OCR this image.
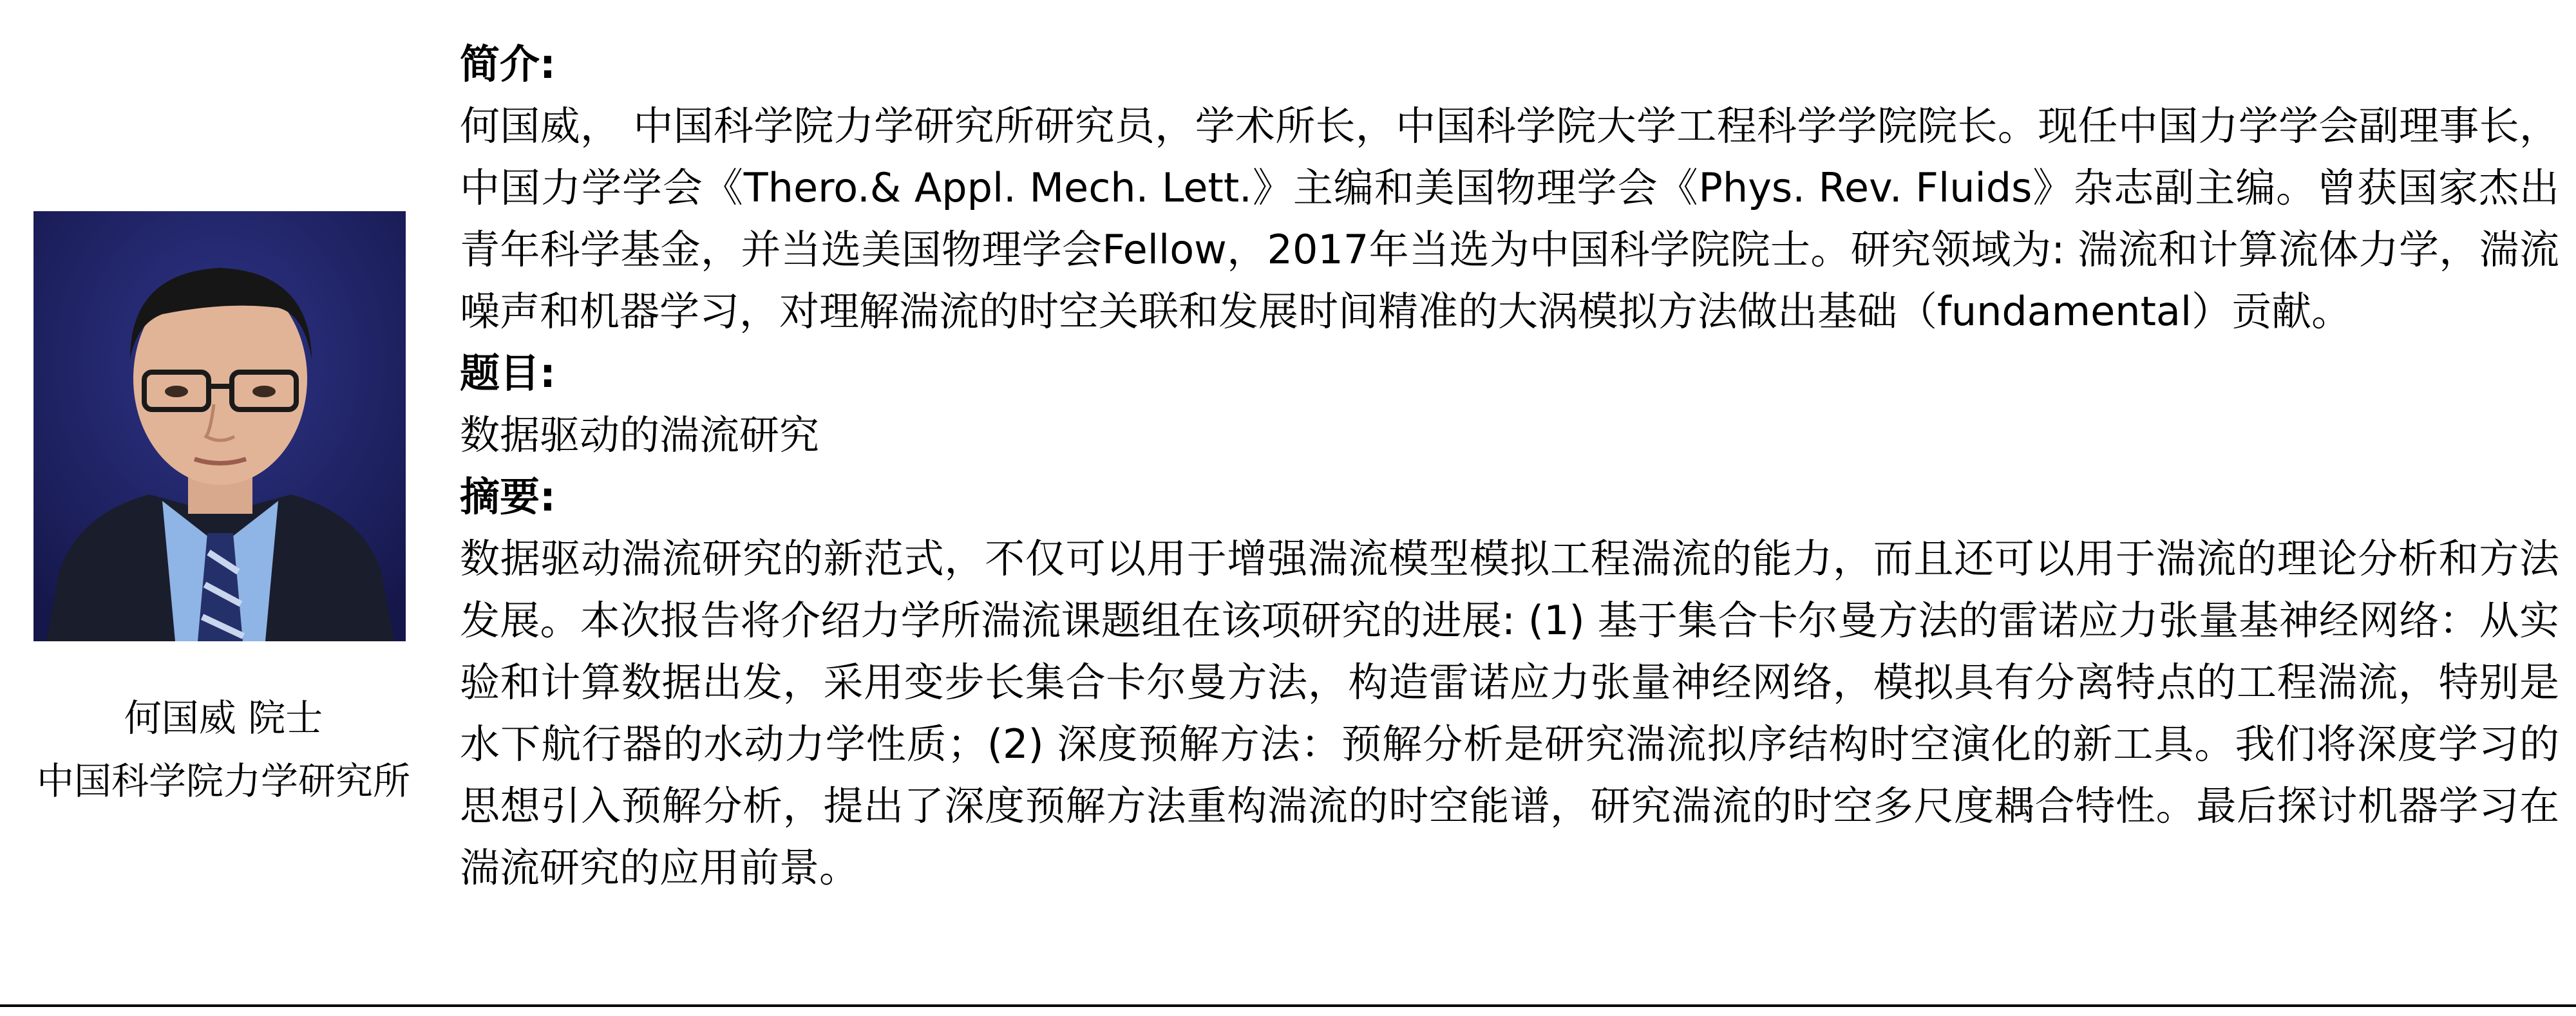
何国威 院士
中国科学院力学研究所
简介:
何国威， 中国科学院力学研究所研究员，学术所长，中国科学院大学工程科学学院院长。现任中国力学学会副理事长，中国力学学会《Thero.& Appl. Mech. Lett.》主编和美国物理学会《Phys. Rev. Fluids》杂志副主编。曾获国家杰出青年科学基金，并当选美国物理学会Fellow，2017年当选为中国科学院院士。研究领域为: 湍流和计算流体力学，湍流噪声和机器学习，对理解湍流的时空关联和发展时间精准的大涡模拟方法做出基础（fundamental）贡献。
题目:
数据驱动的湍流研究
摘要:
数据驱动湍流研究的新范式，不仅可以用于增强湍流模型模拟工程湍流的能力，而且还可以用于湍流的理论分析和方法发展。本次报告将介绍力学所湍流课题组在该项研究的进展: (1) 基于集合卡尔曼方法的雷诺应力张量基神经网络：从实验和计算数据出发，采用变步长集合卡尔曼方法，构造雷诺应力张量神经网络，模拟具有分离特点的工程湍流，特别是水下航行器的水动力学性质；(2) 深度预解方法：预解分析是研究湍流拟序结构时空演化的新工具。我们将深度学习的思想引入预解分析，提出了深度预解方法重构湍流的时空能谱，研究湍流的时空多尺度耦合特性。最后探讨机器学习在湍流研究的应用前景。
